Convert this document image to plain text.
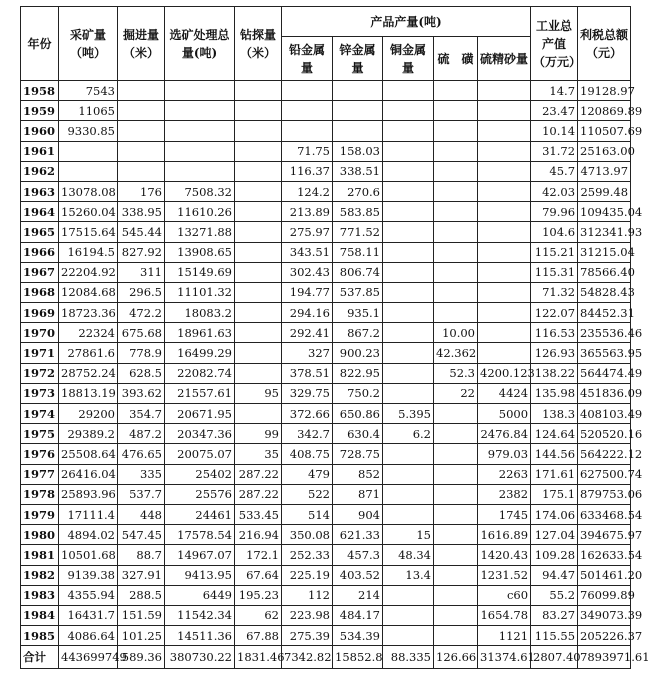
年份	采矿量（吨）	掘进量（米）	选矿处理总量(吨)	钻探量（米）	产品产量(吨)					工业总产值（万元）	利税总额（元）
					铅金属量	锌金属量	铜金属量	硫　磺	硫精砂量		
1958	7543									14.7	19128.97
1959	11065									23.47	120869.89
1960	9330.85									10.14	110507.69
1961					71.75	158.03				31.72	25163.00
1962					116.37	338.51				45.7	4713.97
1963	13078.08	176	7508.32		124.2	270.6				42.03	2599.48
1964	15260.04	338.95	11610.26		213.89	583.85				79.96	109435.04
1965	17515.64	545.44	13271.88		275.97	771.52				104.6	312341.93
1966	16194.5	827.92	13908.65		343.51	758.11				115.21	31215.04
1967	22204.92	311	15149.69		302.43	806.74				115.31	78566.40
1968	12084.68	296.5	11101.32		194.77	537.85				71.32	54828.43
1969	18723.36	472.2	18083.2		294.16	935.1				122.07	84452.31
1970	22324	675.68	18961.63		292.41	867.2		10.00		116.53	235536.46
1971	27861.6	778.9	16499.29		327	900.23		42.362		126.93	365563.95
1972	28752.24	628.5	22082.74		378.51	822.95		52.3	4200.123	138.22	564474.49
1973	18813.19	393.62	21557.61	95	329.75	750.2		22	4424	135.98	451836.09
1974	29200	354.7	20671.95		372.66	650.86	5.395		5000	138.3	408103.49
1975	29389.2	487.2	20347.36	99	342.7	630.4	6.2		2476.84	124.64	520520.16
1976	25508.64	476.65	20075.07	35	408.75	728.75			979.03	144.56	564222.12
1977	26416.04	335	25402	287.22	479	852			2263	171.61	627500.74
1978	25893.96	537.7	25576	287.22	522	871			2382	175.1	879753.06
1979	17111.4	448	24461	533.45	514	904			1745	174.06	633468.54
1980	4894.02	547.45	17578.54	216.94	350.08	621.33	15		1616.89	127.04	394675.97
1981	10501.68	88.7	14967.07	172.1	252.33	457.3	48.34		1420.43	109.28	162633.54
1982	9139.38	327.91	9413.95	67.64	225.19	403.52	13.4		1231.52	94.47	501461.20
1983	4355.94	288.5	6449	195.23	112	214			c60	55.2	76099.89
1984	16431.7	151.59	11542.34	62	223.98	484.17			1654.78	83.27	349073.39
1985	4086.64	101.25	14511.36	67.88	275.39	534.39			1121	115.55	205226.37
合计	443699749	589.36	380730.22	1831.46	7342.82	15852.8	88.335	126.66	31374.61	2807.40	7893971.61
